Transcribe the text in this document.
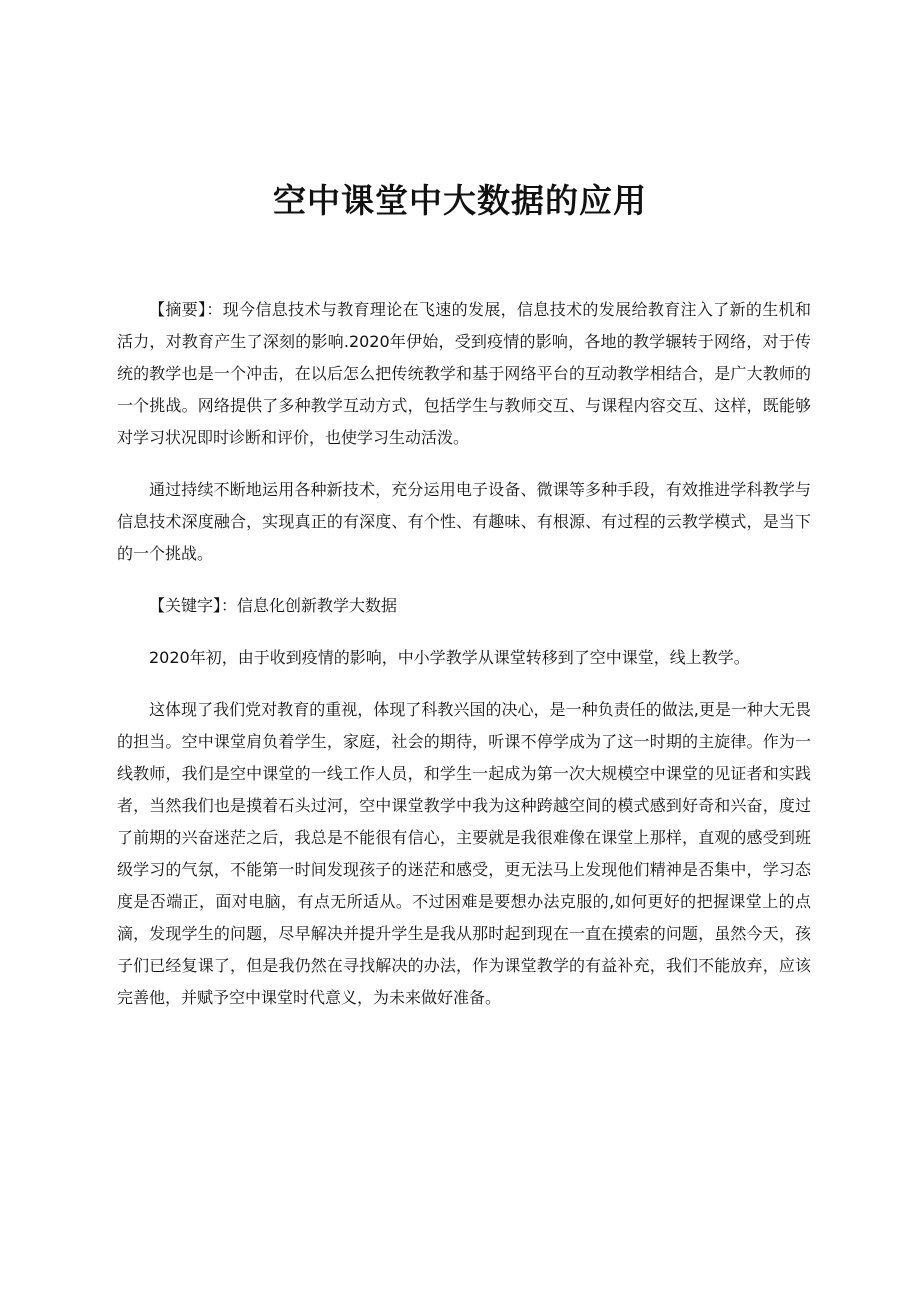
空中课堂中大数据的应用

【摘要】：现今信息技术与教育理论在飞速的发展，信息技术的发展给教育注入了新的生机和活力，对教育产生了深刻的影响.2020年伊始，受到疫情的影响，各地的教学辗转于网络，对于传统的教学也是一个冲击，在以后怎么把传统教学和基于网络平台的互动教学相结合，是广大教师的一个挑战。网络提供了多种教学互动方式，包括学生与教师交互、与课程内容交互、这样，既能够对学习状况即时诊断和评价，也使学习生动活泼。

通过持续不断地运用各种新技术，充分运用电子设备、微课等多种手段，有效推进学科教学与信息技术深度融合，实现真正的有深度、有个性、有趣味、有根源、有过程的云教学模式，是当下的一个挑战。

【关键字】：信息化创新教学大数据

2020年初，由于收到疫情的影响，中小学教学从课堂转移到了空中课堂，线上教学。

这体现了我们党对教育的重视，体现了科教兴国的决心，是一种负责任的做法,更是一种大无畏的担当。空中课堂肩负着学生，家庭，社会的期待，听课不停学成为了这一时期的主旋律。作为一线教师，我们是空中课堂的一线工作人员，和学生一起成为第一次大规模空中课堂的见证者和实践者，当然我们也是摸着石头过河，空中课堂教学中我为这种跨越空间的模式感到好奇和兴奋，度过了前期的兴奋迷茫之后，我总是不能很有信心，主要就是我很难像在课堂上那样，直观的感受到班级学习的气氛，不能第一时间发现孩子的迷茫和感受，更无法马上发现他们精神是否集中，学习态度是否端正，面对电脑，有点无所适从。不过困难是要想办法克服的,如何更好的把握课堂上的点滴，发现学生的问题，尽早解决并提升学生是我从那时起到现在一直在摸索的问题，虽然今天，孩子们已经复课了，但是我仍然在寻找解决的办法，作为课堂教学的有益补充，我们不能放弃，应该完善他，并赋予空中课堂时代意义，为未来做好准备。
